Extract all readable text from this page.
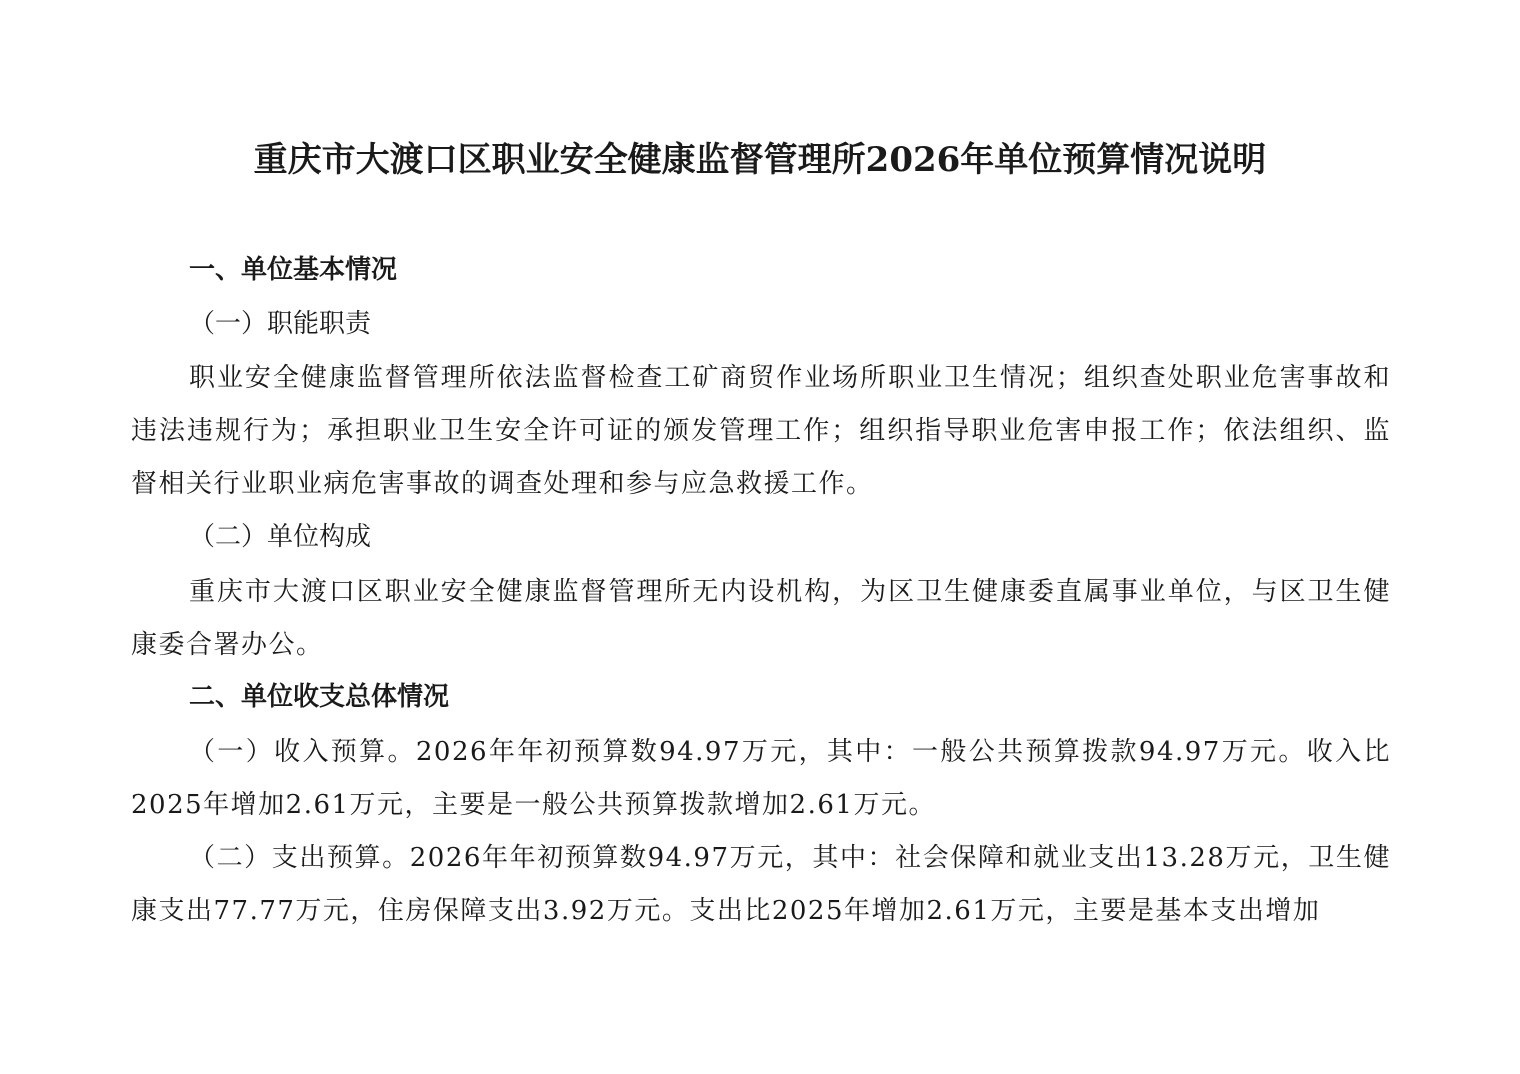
重庆市大渡口区职业安全健康监督管理所2026年单位预算情况说明
一、单位基本情况
（一）职能职责
职业安全健康监督管理所依法监督检查工矿商贸作业场所职业卫生情况；组织查处职业危害事故和违法违规行为；承担职业卫生安全许可证的颁发管理工作；组织指导职业危害申报工作；依法组织、监督相关行业职业病危害事故的调查处理和参与应急救援工作。
（二）单位构成
重庆市大渡口区职业安全健康监督管理所无内设机构，为区卫生健康委直属事业单位，与区卫生健康委合署办公。
二、单位收支总体情况
（一）收入预算。2026年年初预算数94.97万元，其中：一般公共预算拨款94.97万元。收入比2025年增加2.61万元，主要是一般公共预算拨款增加2.61万元。
（二）支出预算。2026年年初预算数94.97万元，其中：社会保障和就业支出13.28万元，卫生健康支出77.77万元，住房保障支出3.92万元。支出比2025年增加2.61万元，主要是基本支出增加
